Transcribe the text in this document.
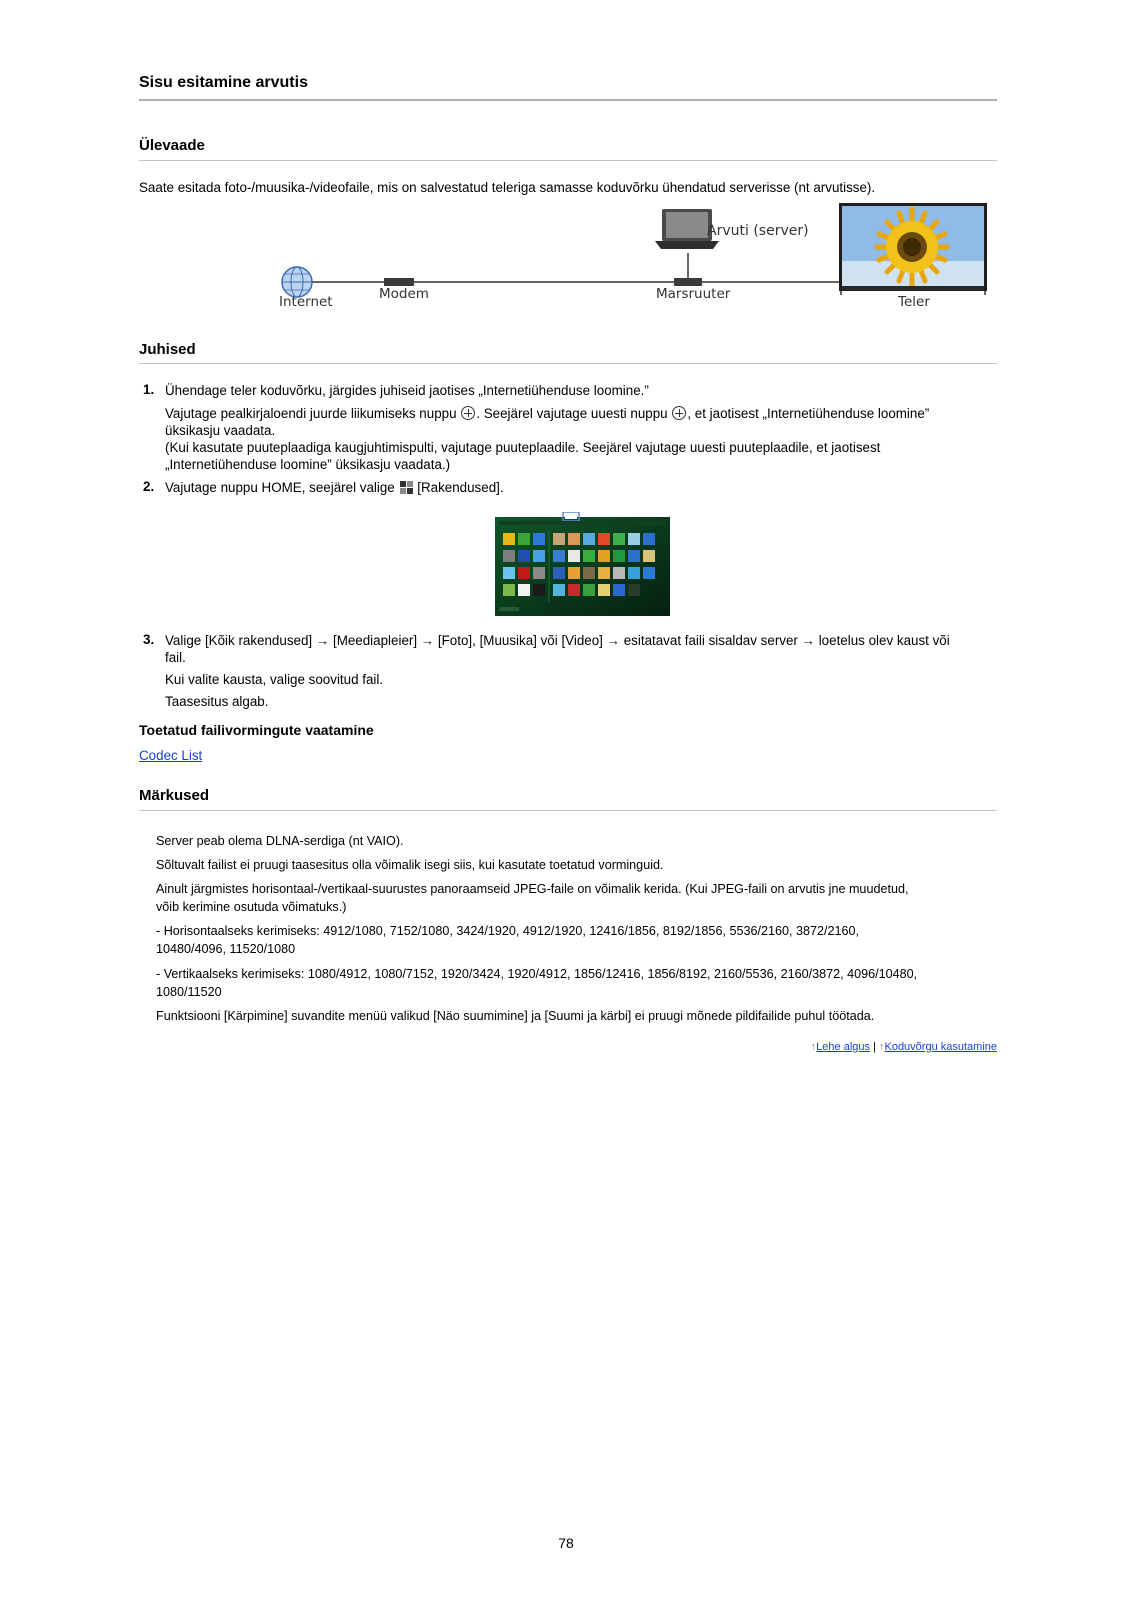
Sisu esitamine arvutis
Ülevaade
Saate esitada foto-/muusika-/videofaile, mis on salvestatud teleriga samasse koduvõrku ühendatud serverisse (nt arvutisse).
Arvuti (server)
Internet	Modem	Marsruuter	Teler
Juhised
1. Ühendage teler koduvõrku, järgides juhiseid jaotises „Internetiühenduse loomine.”
Vajutage pealkirjaloendi juurde liikumiseks nuppu . Seejärel vajutage uuesti nuppu , et jaotisest „Internetiühenduse loomine”
üksikasju vaadata.
(Kui kasutate puuteplaadiga kaugjuhtimispulti, vajutage puuteplaadile. Seejärel vajutage uuesti puuteplaadile, et jaotisest
„Internetiühenduse loomine” üksikasju vaadata.)
2. Vajutage nuppu HOME, seejärel valige [Rakendused].
3. Valige [Kõik rakendused] → [Meediapleier] → [Foto], [Muusika] või [Video] → esitatavat faili sisaldav server → loetelus olev kaust või
fail.
Kui valite kausta, valige soovitud fail.
Taasesitus algab.
Toetatud failivormingute vaatamine
Codec List
Märkused
Server peab olema DLNA-serdiga (nt VAIO).
Sõltuvalt failist ei pruugi taasesitus olla võimalik isegi siis, kui kasutate toetatud vorminguid.
Ainult järgmistes horisontaal-/vertikaal-suurustes panoraamseid JPEG-faile on võimalik kerida. (Kui JPEG-faili on arvutis jne muudetud,
võib kerimine osutuda võimatuks.)
- Horisontaalseks kerimiseks: 4912/1080, 7152/1080, 3424/1920, 4912/1920, 12416/1856, 8192/1856, 5536/2160, 3872/2160,
10480/4096, 11520/1080
- Vertikaalseks kerimiseks: 1080/4912, 1080/7152, 1920/3424, 1920/4912, 1856/12416, 1856/8192, 2160/5536, 2160/3872, 4096/10480,
1080/11520
Funktsiooni [Kärpimine] suvandite menüü valikud [Näo suumimine] ja [Suumi ja kärbi] ei pruugi mõnede pildifailide puhul töötada.
↑Lehe algus | ↑Koduvõrgu kasutamine
78
